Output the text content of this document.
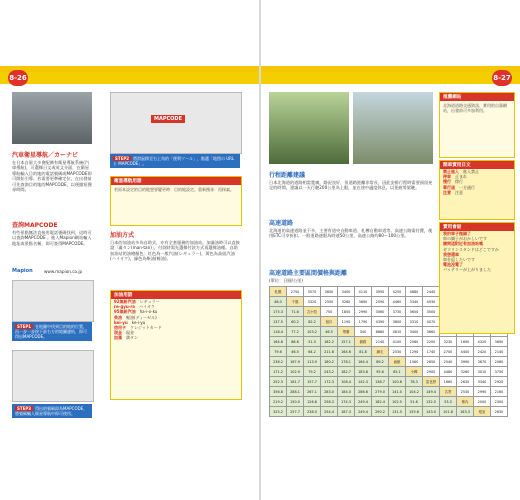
8-26
汽車衛星導航／カーナビ
在日本自駕大多會配備有衛星導航系統(汽車導航)，可選擇日文或英文介面，在衛星導航輸入目的地的電話號碼或MAPCODE即可開始引導。若需要更準確定位，在出發前可先查詢目的地的MAPCODE，以便縮短搜尋時間。
查詢MAPCODE
有些景點無法直接用電話號碼找到，這時可以查詢MAPCODE 。進入Mapion網站輸入地址或景點名稱，即可查得MAPCODE。
Mapion	www.mapion.co.jp
STEP1 在地圖中找到目的地的位置，再一步一步按下最右方的地圖連結，即可得出MAPCODE。
STEP3 得出的號碼即為MAPCODE，將號碼輸入衛星導航中即可使用。
MAPCODE
STEP2 將滑鼠移至右上角的「便利ツール」，點選「地図の URL と MAPCODE」。
衛星導航用語
若原本設定的目的地想要變更時：目的地設定。重新搜尋：再探索。
加油方式
日本的加油站多為自助式，亦有全套服務的加油站。加滿油時可以直接說「滿タン(man-tan)」，付款時需先選擇付款方式再選擇油種。自助加油站的油槍顏色：紅色為一般汽油(レギュラー)，黃色為高級汽油(ハイオク)，綠色為柴油(軽油)。
加油用語
92無鉛汽油　レギュラー
re-gyu-ra　ハイオク
95無鉛汽油　ha-i-o-ku
柴油　軽油(ディーゼル)
kei-yu　ke-i-yu
信用卡　クレジットカード
現金　現金
加滿　満タン
8-27
行程距離建議
日本北海道的道路相當寬廣，路況良好，但道路距離非常長，因此安排行程時需要預留充足的時間。建議以一天行駛200公里為上限，並在途中適度休息，以免疲勞駕駛。
高速道路
北海道的高速道路並不多，主要有道央自動車道、札樽自動車道等。高速公路需付費，使用ETC可享折扣。一般道路速限為時速50公里，高速公路約80〜100公里。
高速道路主要區間價格與距離
(單位：日圓/公里)
札幌	2750	3570	3650	3400	4110	3950	4250	4880	2440				
48.0	千歲	3320	2550	3260	3690	2590	4460	3340	4930				
175.3	71.6	苫小牧	750	1850	2990	3060	3730	3650	3500				
137.5	60.2	82.2	旭川	1190	1790	4390	3800	3310	4070				
118.4	77.2	103.2	46.5	帶廣	340	8680	4610	3400	3660				
164.6	86.6	51.3	182.2	157.1	釧路	2140	4100	2560	2200	3230	1690	4320	3690
79.6	46.5	64.2	211.8	164.6	81.8	網走	2030	1290	1740	2700	4400	2420	2140
236.2	167.9	113.9	180.2	178.1	164.4	89.2	函館	1560	2650	2540	3990	3670	2060
171.2	102.9	79.2	243.2	182.7	183.8	95.6	85.1	小樽	2900	4480	3260	3010	3750
252.3	181.7	157.7	172.3	108.4	142.3	138.7	100.6	78.3	富良野	1660	2630	3340	2920
356.8	288.1	267.1	283.0	184.0	286.6	279.0	141.0	104.2	149.4	名寄	2530	2990	2160
219.2	150.5	126.6	258.3	174.3	249.4	182.4	102.5	51.6	132.5	53.3	稚內	2000	2300
325.2	257.7	238.5	254.4	187.3	249.4	290.2	131.5	155.6	143.0	101.8	163.3	根室	2630
推薦網站
北海道道路交通資訊、實用的自駕網站，出發前可多加利用。
開車實用日文
禁止進入　進入禁止
停車　止まれ
慢行　徐行
單行道　一方通行
注意　注意
實用會話
我的車子拋錨了
車の調子がおかしいです
請問這附近有加油站嗎
ガソリンスタンドはどこですか
我想還車
車を返したいです
電池沒電了
バッテリーが上がりました
